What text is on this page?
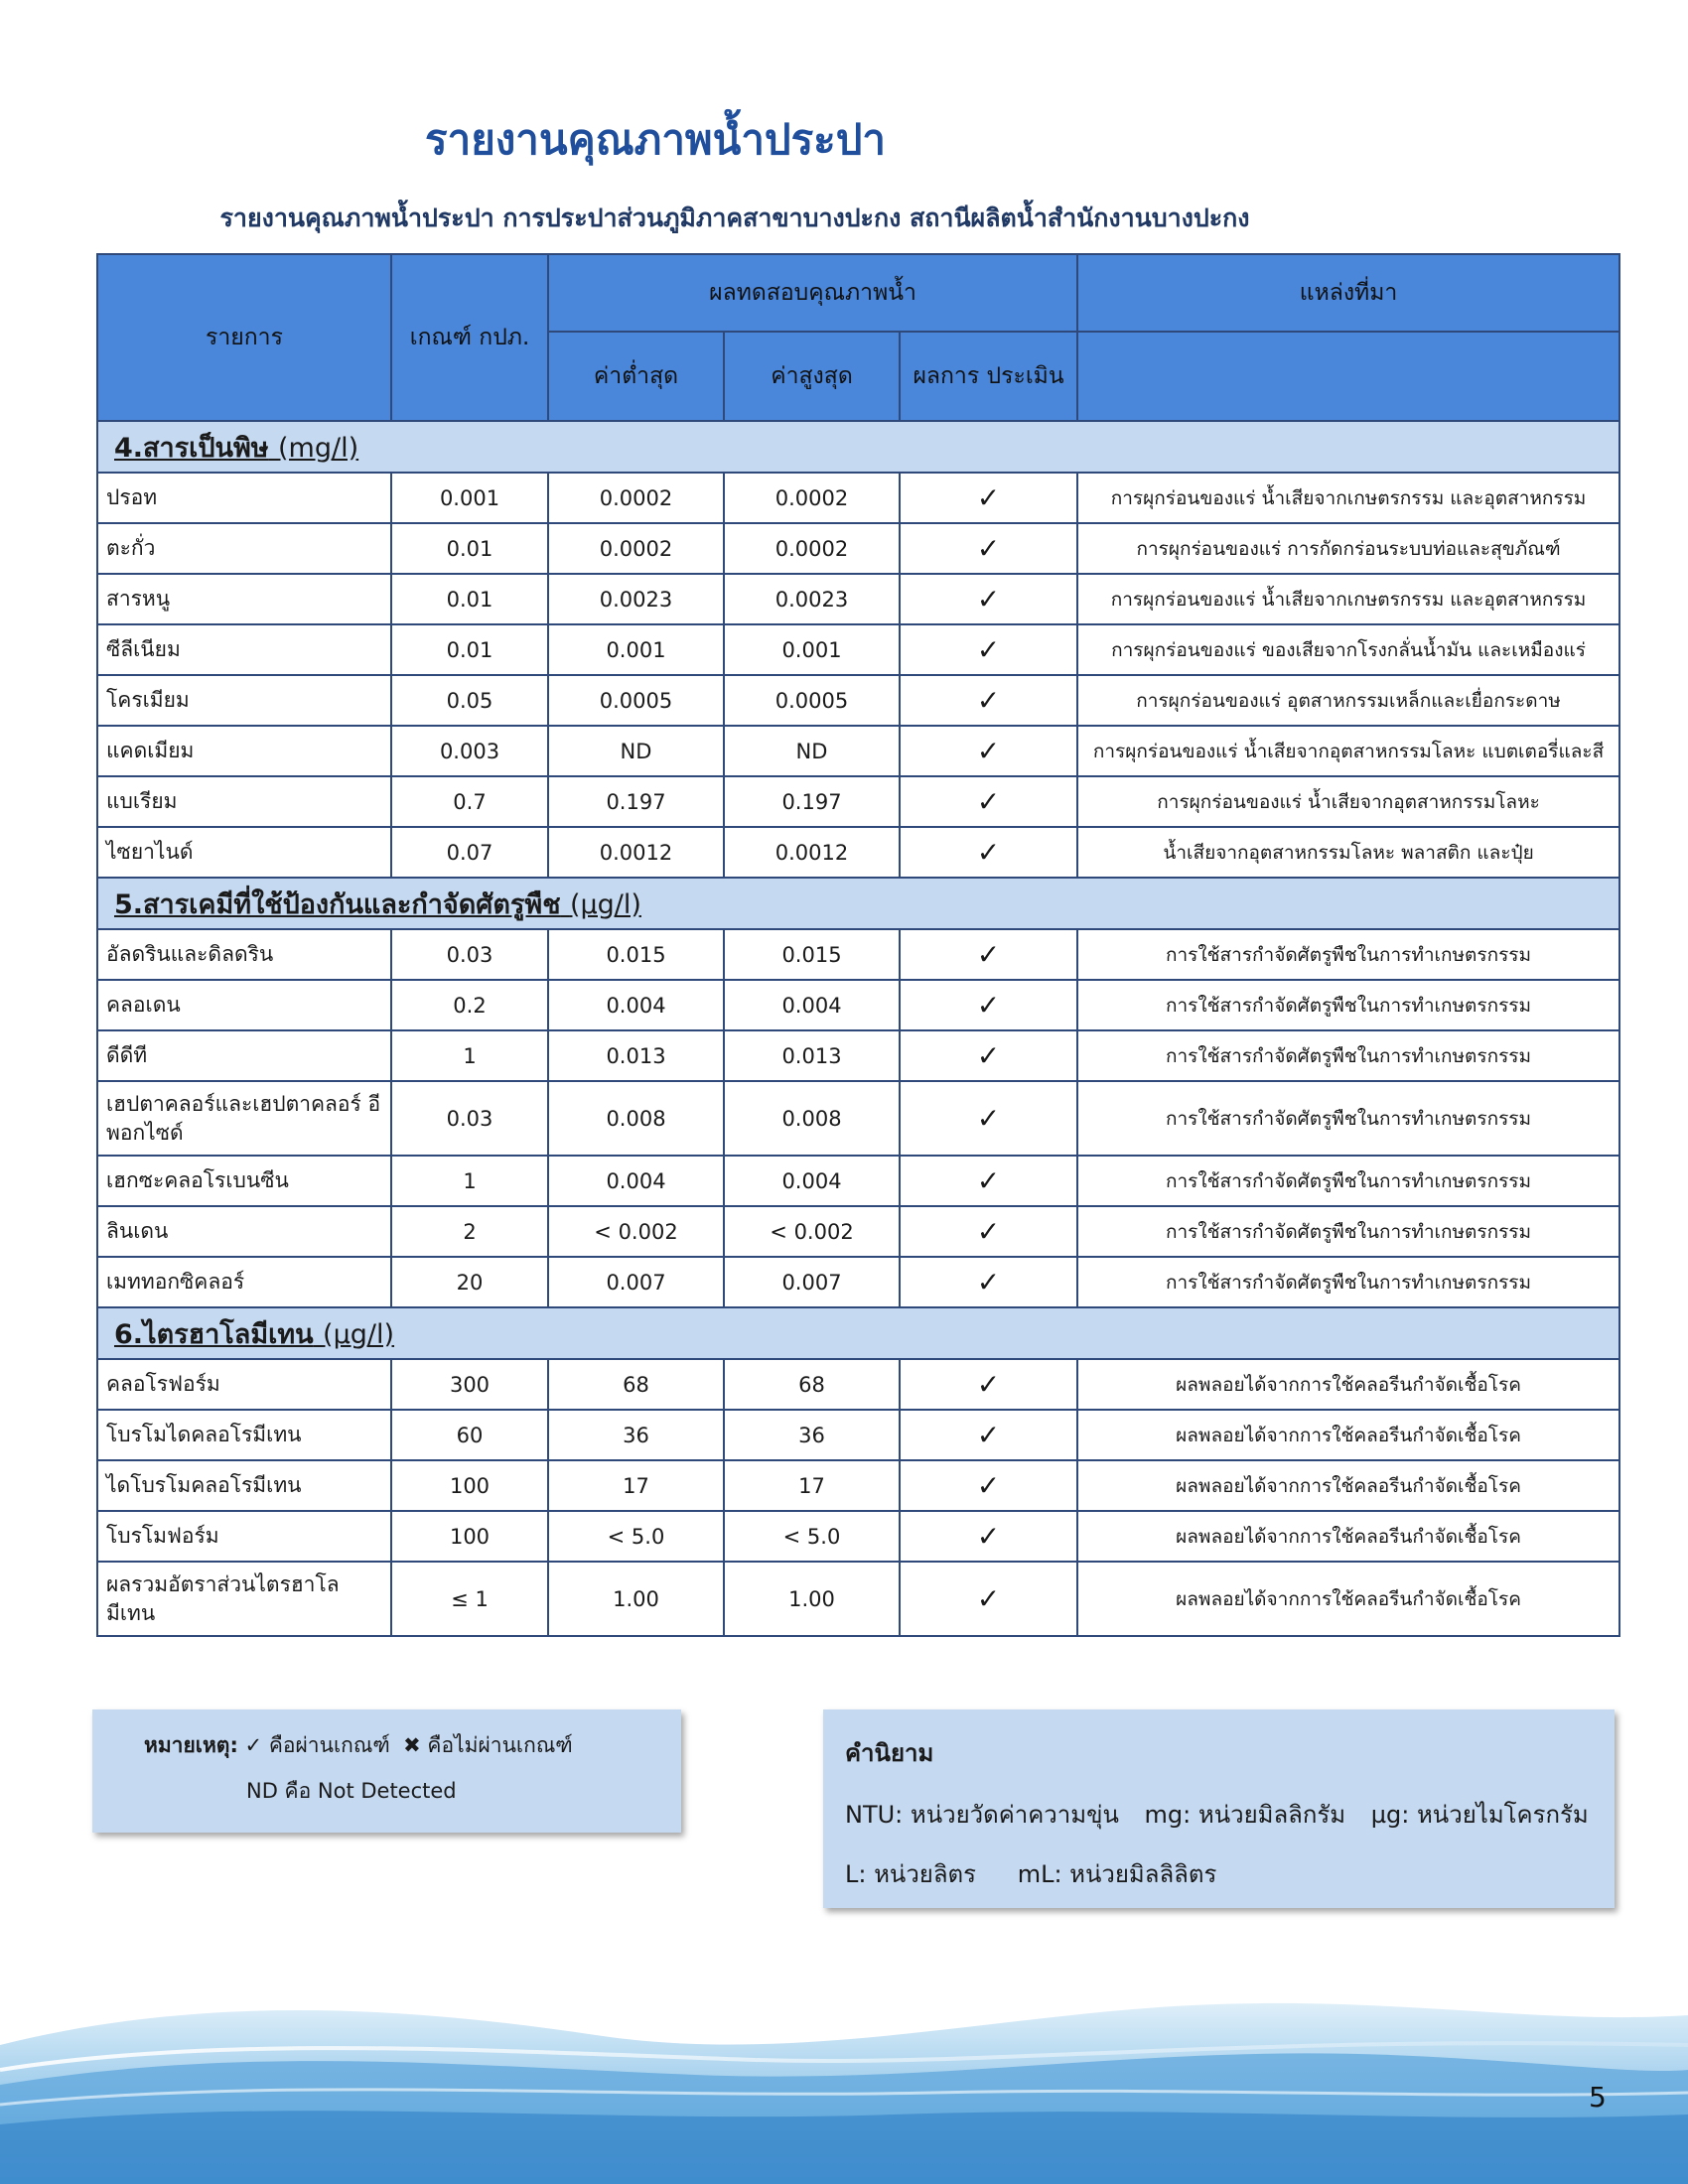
รายงานคุณภาพน้ำประปา
รายงานคุณภาพน้ำประปา การประปาส่วนภูมิภาคสาขาบางปะกง สถานีผลิตน้ำสำนักงานบางปะกง
รายการ	เกณฑ์ กปภ.	ผลทดสอบคุณภาพน้ำ			แหล่งที่มา
		ค่าต่ำสุด	ค่าสูงสุด	ผลการ ประเมิน	
4.สารเป็นพิษ (mg/l)					
ปรอท	0.001	0.0002	0.0002	✓	การผุกร่อนของแร่ น้ำเสียจากเกษตรกรรม และอุตสาหกรรม
ตะกั่ว	0.01	0.0002	0.0002	✓	การผุกร่อนของแร่ การกัดกร่อนระบบท่อและสุขภัณฑ์
สารหนู	0.01	0.0023	0.0023	✓	การผุกร่อนของแร่ น้ำเสียจากเกษตรกรรม และอุตสาหกรรม
ซีลีเนียม	0.01	0.001	0.001	✓	การผุกร่อนของแร่ ของเสียจากโรงกลั่นน้ำมัน และเหมืองแร่
โครเมียม	0.05	0.0005	0.0005	✓	การผุกร่อนของแร่ อุตสาหกรรมเหล็กและเยื่อกระดาษ
แคดเมียม	0.003	ND	ND	✓	การผุกร่อนของแร่ น้ำเสียจากอุตสาหกรรมโลหะ แบตเตอรี่และสี
แบเรียม	0.7	0.197	0.197	✓	การผุกร่อนของแร่ น้ำเสียจากอุตสาหกรรมโลหะ
ไซยาไนด์	0.07	0.0012	0.0012	✓	น้ำเสียจากอุตสาหกรรมโลหะ พลาสติก และปุ๋ย
5.สารเคมีที่ใช้ป้องกันและกำจัดศัตรูพืช (µg/l)					
อัลดรินและดิลดริน	0.03	0.015	0.015	✓	การใช้สารกำจัดศัตรูพืชในการทำเกษตรกรรม
คลอเดน	0.2	0.004	0.004	✓	การใช้สารกำจัดศัตรูพืชในการทำเกษตรกรรม
ดีดีที	1	0.013	0.013	✓	การใช้สารกำจัดศัตรูพืชในการทำเกษตรกรรม
เฮปตาคลอร์และเฮปตาคลอร์ อีพอกไซด์	0.03	0.008	0.008	✓	การใช้สารกำจัดศัตรูพืชในการทำเกษตรกรรม
เฮกซะคลอโรเบนซีน	1	0.004	0.004	✓	การใช้สารกำจัดศัตรูพืชในการทำเกษตรกรรม
ลินเดน	2	< 0.002	< 0.002	✓	การใช้สารกำจัดศัตรูพืชในการทำเกษตรกรรม
เมททอกซิคลอร์	20	0.007	0.007	✓	การใช้สารกำจัดศัตรูพืชในการทำเกษตรกรรม
6.ไตรฮาโลมีเทน (µg/l)					
คลอโรฟอร์ม	300	68	68	✓	ผลพลอยได้จากการใช้คลอรีนกำจัดเชื้อโรค
โบรโมไดคลอโรมีเทน	60	36	36	✓	ผลพลอยได้จากการใช้คลอรีนกำจัดเชื้อโรค
ไดโบรโมคลอโรมีเทน	100	17	17	✓	ผลพลอยได้จากการใช้คลอรีนกำจัดเชื้อโรค
โบรโมฟอร์ม	100	< 5.0	< 5.0	✓	ผลพลอยได้จากการใช้คลอรีนกำจัดเชื้อโรค
ผลรวมอัตราส่วนไตรฮาโล มีเทน	≤ 1	1.00	1.00	✓	ผลพลอยได้จากการใช้คลอรีนกำจัดเชื้อโรค
หมายเหตุ: ✓ คือผ่านเกณฑ์ ✖ คือไม่ผ่านเกณฑ์
ND คือ Not Detected
คำนิยาม
NTU: หน่วยวัดค่าความขุ่น mg: หน่วยมิลลิกรัม µg: หน่วยไมโครกรัม
L: หน่วยลิตร mL: หน่วยมิลลิลิตร
5
